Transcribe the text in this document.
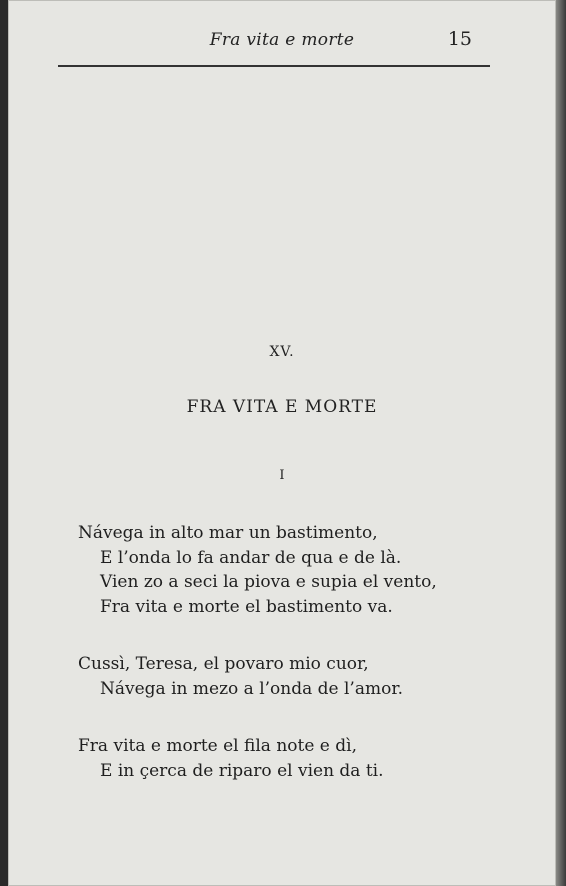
Fra vita e morte	15
XV.
FRA VITA E MORTE
I
Návega in alto mar un bastimento,
E l’onda lo fa andar de qua e de là.
Vien zo a seci la piova e supia el vento,
Fra vita e morte el bastimento va.
Cussì, Teresa, el povaro mio cuor,
Návega in mezo a l’onda de l’amor.
Fra vita e morte el fila note e dì,
E in çerca de riparo el vien da ti.
